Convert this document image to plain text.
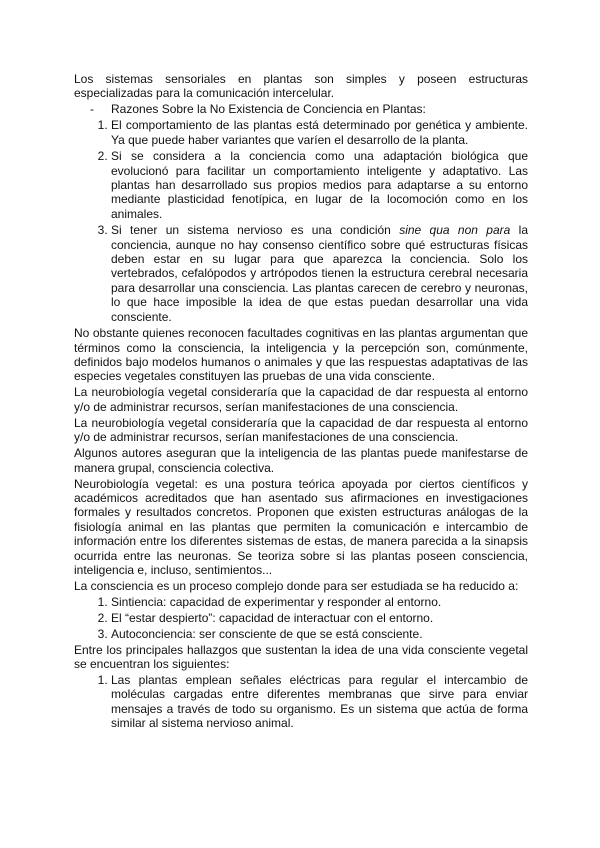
Los sistemas sensoriales en plantas son simples y poseen estructuras especializadas para la comunicación intercelular.

-	Razones Sobre la No Existencia de Conciencia en Plantas:
1. El comportamiento de las plantas está determinado por genética y ambiente. Ya que puede haber variantes que varíen el desarrollo de la planta.
2. Si se considera a la conciencia como una adaptación biológica que evolucionó para facilitar un comportamiento inteligente y adaptativo. Las plantas han desarrollado sus propios medios para adaptarse a su entorno mediante plasticidad fenotípica, en lugar de la locomoción como en los animales.
3. Si tener un sistema nervioso es una condición sine qua non para la conciencia, aunque no hay consenso científico sobre qué estructuras físicas deben estar en su lugar para que aparezca la conciencia. Solo los vertebrados, cefalópodos y artrópodos tienen la estructura cerebral necesaria para desarrollar una consciencia. Las plantas carecen de cerebro y neuronas, lo que hace imposible la idea de que estas puedan desarrollar una vida consciente.

No obstante quienes reconocen facultades cognitivas en las plantas argumentan que términos como la consciencia, la inteligencia y la percepción son, comúnmente, definidos bajo modelos humanos o animales y que las respuestas adaptativas de las especies vegetales constituyen las pruebas de una vida consciente.

La neurobiología vegetal consideraría que la capacidad de dar respuesta al entorno y/o de administrar recursos, serían manifestaciones de una consciencia.

La neurobiología vegetal consideraría que la capacidad de dar respuesta al entorno y/o de administrar recursos, serían manifestaciones de una consciencia.

Algunos autores aseguran que la inteligencia de las plantas puede manifestarse de manera grupal, consciencia colectiva.

Neurobiología vegetal: es una postura teórica apoyada por ciertos científicos y académicos acreditados que han asentado sus afirmaciones en investigaciones formales y resultados concretos. Proponen que existen estructuras análogas de la fisiología animal en las plantas que permiten la comunicación e intercambio de información entre los diferentes sistemas de estas, de manera parecida a la sinapsis ocurrida entre las neuronas. Se teoriza sobre si las plantas poseen consciencia, inteligencia e, incluso, sentimientos...

La consciencia es un proceso complejo donde para ser estudiada se ha reducido a:

1. Sintiencia: capacidad de experimentar y responder al entorno.
2. El “estar despierto”: capacidad de interactuar con el entorno.
3. Autoconciencia: ser consciente de que se está consciente.

Entre los principales hallazgos que sustentan la idea de una vida consciente vegetal se encuentran los siguientes:

1. Las plantas emplean señales eléctricas para regular el intercambio de moléculas cargadas entre diferentes membranas que sirve para enviar mensajes a través de todo su organismo. Es un sistema que actúa de forma similar al sistema nervioso animal.
